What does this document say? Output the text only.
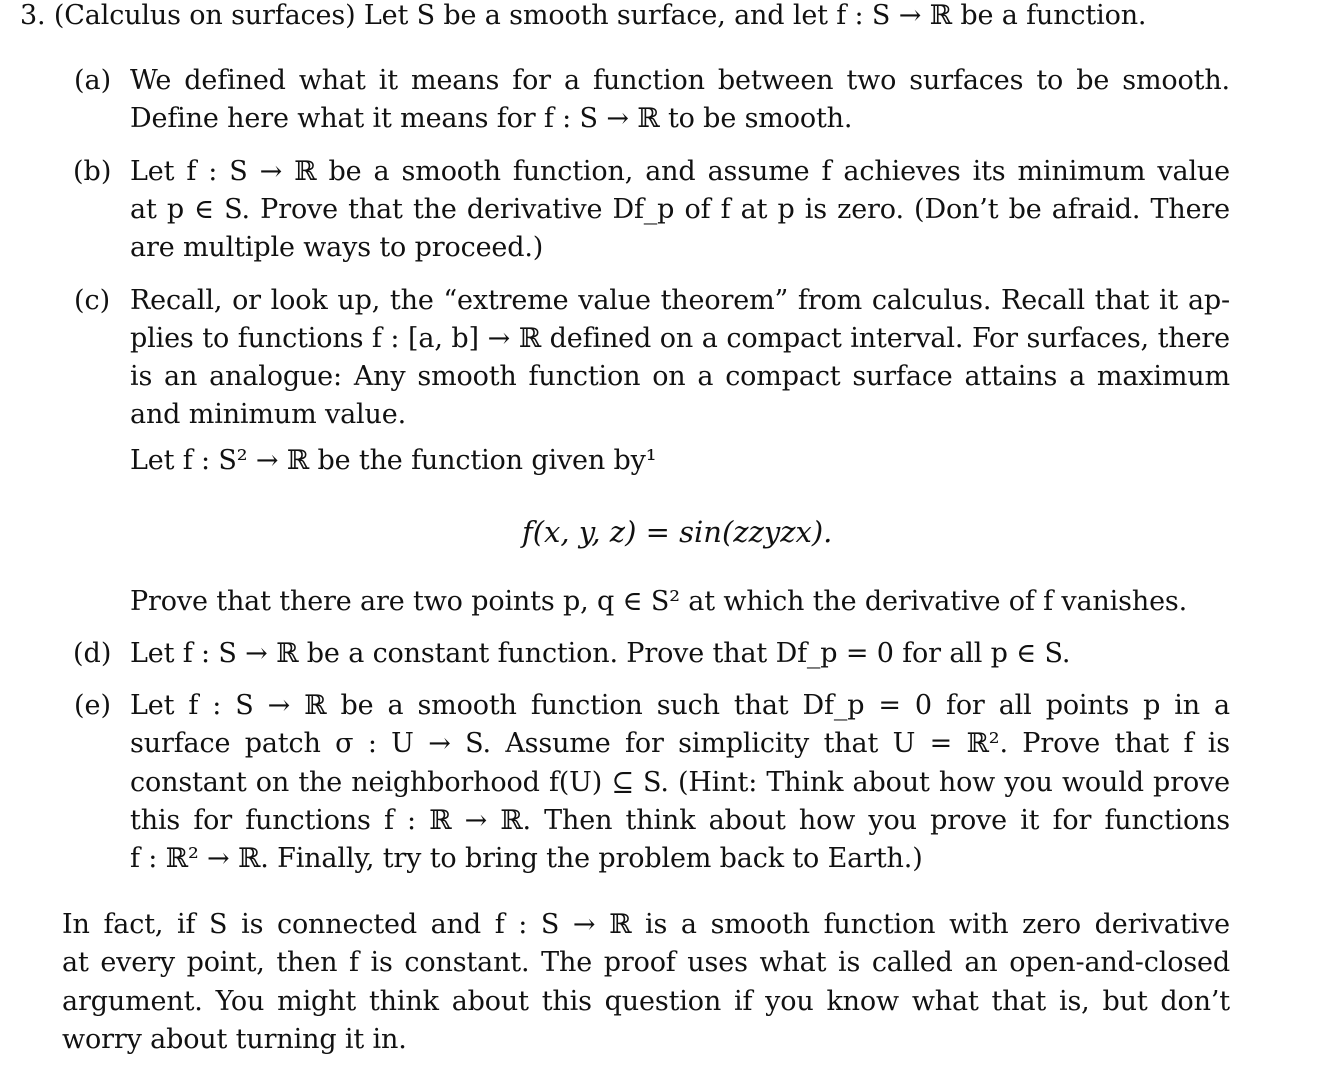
3. (Calculus on surfaces) Let S be a smooth surface, and let f : S → ℝ be a function.
(a) We defined what it means for a function between two surfaces to be smooth.
Define here what it means for f : S → ℝ to be smooth.
(b) Let f : S → ℝ be a smooth function, and assume f achieves its minimum value
at p ∈ S. Prove that the derivative Df_p of f at p is zero. (Don’t be afraid. There
are multiple ways to proceed.)
(c) Recall, or look up, the “extreme value theorem” from calculus. Recall that it ap-
plies to functions f : [a, b] → ℝ defined on a compact interval. For surfaces, there
is an analogue: Any smooth function on a compact surface attains a maximum
and minimum value.
Let f : S² → ℝ be the function given by¹
f(x, y, z) = sin(zzyzx).
Prove that there are two points p, q ∈ S² at which the derivative of f vanishes.
(d) Let f : S → ℝ be a constant function. Prove that Df_p = 0 for all p ∈ S.
(e) Let f : S → ℝ be a smooth function such that Df_p = 0 for all points p in a
surface patch σ : U → S. Assume for simplicity that U = ℝ². Prove that f is
constant on the neighborhood f(U) ⊆ S. (Hint: Think about how you would prove
this for functions f : ℝ → ℝ. Then think about how you prove it for functions
f : ℝ² → ℝ. Finally, try to bring the problem back to Earth.)
In fact, if S is connected and f : S → ℝ is a smooth function with zero derivative
at every point, then f is constant. The proof uses what is called an open-and-closed
argument. You might think about this question if you know what that is, but don’t
worry about turning it in.
